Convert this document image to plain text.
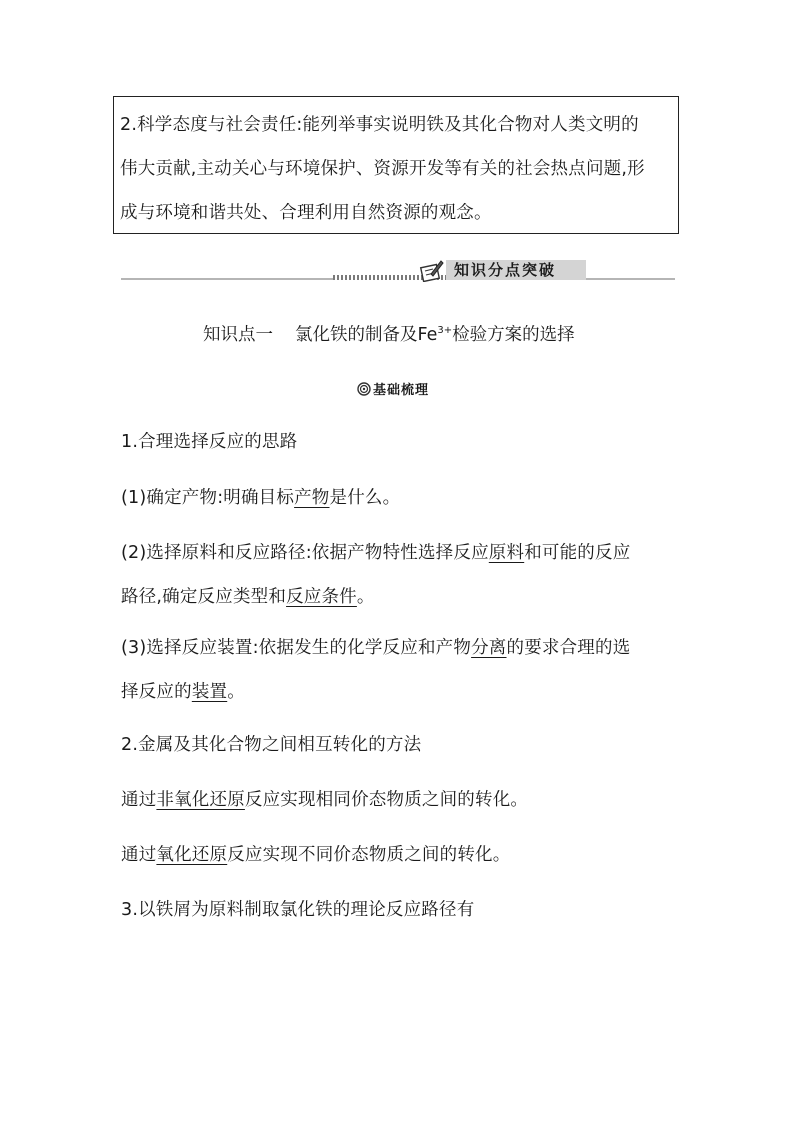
2.科学态度与社会责任:能列举事实说明铁及其化合物对人类文明的
伟大贡献,主动关心与环境保护、资源开发等有关的社会热点问题,形
成与环境和谐共处、合理利用自然资源的观念。
知识分点突破
知识点一 氯化铁的制备及$Fe^{3+}$检验方案的选择
基础梳理
1.合理选择反应的思路
(1)确定产物:明确目标产物是什么。
(2)选择原料和反应路径:依据产物特性选择反应原料和可能的反应
路径,确定反应类型和反应条件。
(3)选择反应装置:依据发生的化学反应和产物分离的要求合理的选
择反应的装置。
2.金属及其化合物之间相互转化的方法
通过非氧化还原反应实现相同价态物质之间的转化。
通过氧化还原反应实现不同价态物质之间的转化。
3.以铁屑为原料制取氯化铁的理论反应路径有
